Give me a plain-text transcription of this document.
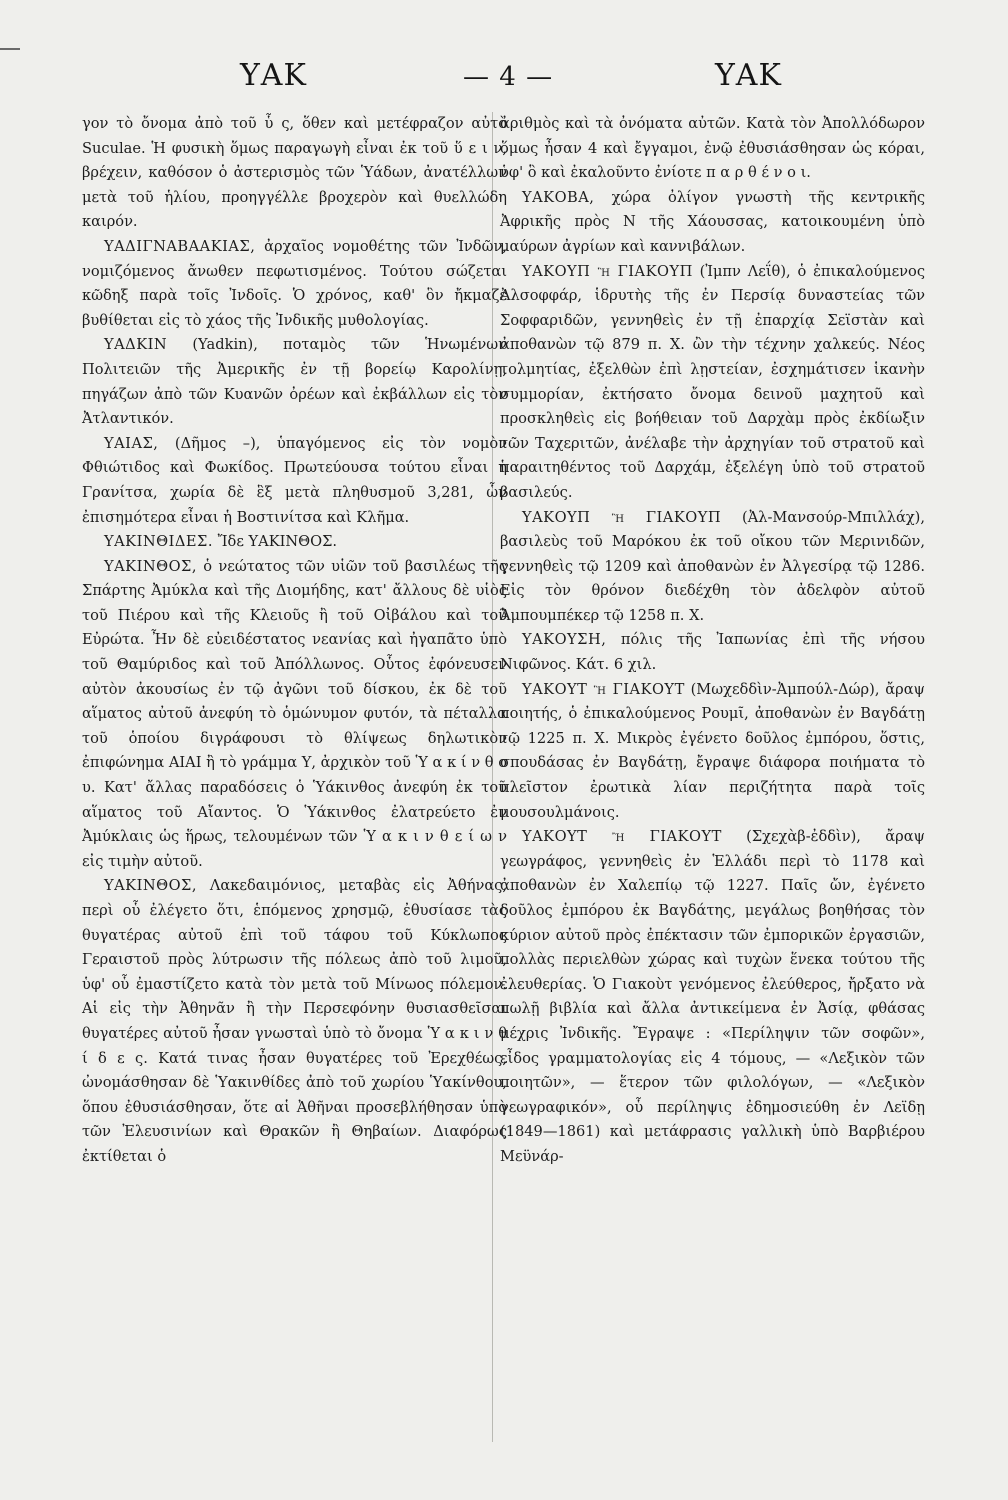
ΥΑΚ	— 4 —	ΥΑΚ

γον τὸ ὄνομα ἀπὸ τοῦ ὗ ς, ὅθεν καὶ μετέφραζον αὐτὸ Suculae. Ἡ φυσικὴ ὅμως παραγωγὴ εἶναι ἐκ τοῦ ὕ ε ι ν, βρέχειν, καθόσον ὁ ἀστερισμὸς τῶν Ὑάδων, ἀνατέλλων μετὰ τοῦ ἡλίου, προηγγέλλε βροχερὸν καὶ θυελλώδη καιρόν.

ΥΑΔΙΓΝΑΒΑΑΚΙΑΣ, ἀρχαῖος νομοθέτης τῶν Ἰνδῶν, νομιζόμενος ἄνωθεν πεφωτισμένος. Τούτου σώζεται κῶδηξ παρὰ τοῖς Ἰνδοῖς. Ὁ χρόνος, καθ' ὃν ἤκμαζε βυθίθεται εἰς τὸ χάος τῆς Ἰνδικῆς μυθολογίας.

ΥΑΔΚΙΝ (Yadkin), ποταμὸς τῶν Ἡνωμένων Πολιτειῶν τῆς Ἀμερικῆς ἐν τῇ βορείῳ Καρολίνῃ, πηγάζων ἀπὸ τῶν Κυανῶν ὀρέων καὶ ἐκβάλλων εἰς τὸν Ἀτλαντικόν.

ΥΑΙΑΣ, (Δῆμος –), ὑπαγόμενος εἰς τὸν νομὸν Φθιώτιδος καὶ Φωκίδος. Πρωτεύουσα τούτου εἶναι ἡ Γρανίτσα, χωρία δὲ ἓξ μετὰ πληθυσμοῦ 3,281, ὧν ἐπισημότερα εἶναι ἡ Βοστινίτσα καὶ Κλῆμα.

ΥΑΚΙΝΘΙΔΕΣ. Ἴδε ΥΑΚΙΝΘΟΣ.

ΥΑΚΙΝΘΟΣ, ὁ νεώτατος τῶν υἱῶν τοῦ βασιλέως τῆς Σπάρτης Ἀμύκλα καὶ τῆς Διομήδης, κατ' ἄλλους δὲ υἱὸς τοῦ Πιέρου καὶ τῆς Κλειοῦς ἢ τοῦ Οἰβάλου καὶ τοῦ Εὐρώτα. Ἦν δὲ εὐειδέστατος νεανίας καὶ ἠγαπᾶτο ὑπὸ τοῦ Θαμύριδος καὶ τοῦ Ἀπόλλωνος. Οὗτος ἐφόνευσεν αὐτὸν ἀκουσίως ἐν τῷ ἀγῶνι τοῦ δίσκου, ἐκ δὲ τοῦ αἵματος αὐτοῦ ἀνεφύη τὸ ὁμώνυμον φυτόν, τὰ πέταλλα τοῦ ὁποίου διγράφουσι τὸ θλίψεως δηλωτικὸν ἐπιφώνημα ΑΙΑΙ ἢ τὸ γράμμα Υ, ἀρχικὸν τοῦ Ὑ α κ ί ν θ ο υ. Κατ' ἄλλας παραδόσεις ὁ Ὑάκινθος ἀνεφύη ἐκ τοῦ αἵματος τοῦ Αἴαντος. Ὁ Ὑάκινθος ἐλατρεύετο ἐν Ἀμύκλαις ὡς ἥρως, τελουμένων τῶν Ὑ α κ ι ν θ ε ί ω ν εἰς τιμὴν αὐτοῦ.

ΥΑΚΙΝΘΟΣ, Λακεδαιμόνιος, μεταβὰς εἰς Ἀθήνας, περὶ οὗ ἐλέγετο ὅτι, ἑπόμενος χρησμῷ, ἐθυσίασε τὰς θυγατέρας αὐτοῦ ἐπὶ τοῦ τάφου τοῦ Κύκλωπος Γεραιστοῦ πρὸς λύτρωσιν τῆς πόλεως ἀπὸ τοῦ λιμοῦ, ὑφ' οὗ ἐμαστίζετο κατὰ τὸν μετὰ τοῦ Μίνωος πόλεμον. Αἱ εἰς τὴν Ἀθηνᾶν ἢ τὴν Περσεφόνην θυσιασθεῖσαι θυγατέρες αὐτοῦ ἦσαν γνωσταὶ ὑπὸ τὸ ὄνομα Ὑ α κ ι ν θ ί δ ε ς. Κατά τινας ἦσαν θυγατέρες τοῦ Ἐρεχθέως, ὠνομάσθησαν δὲ Ὑακινθίδες ἀπὸ τοῦ χωρίου Ὑακίνθου, ὅπου ἐθυσιάσθησαν, ὅτε αἱ Ἀθῆναι προσεβλήθησαν ὑπὸ τῶν Ἐλευσινίων καὶ Θρακῶν ἢ Θηβαίων. Διαφόρως ἐκτίθεται ὁ

ἀριθμὸς καὶ τὰ ὀνόματα αὐτῶν. Κατὰ τὸν Ἀπολλόδωρον ὅμως ἦσαν 4 καὶ ἔγγαμοι, ἐνῷ ἐθυσιάσθησαν ὡς κόραι, ὑφ' ὃ καὶ ἐκαλοῦντο ἐνίοτε π α ρ θ έ ν ο ι.

ΥΑΚΟΒΑ, χώρα ὀλίγον γνωστὴ τῆς κεντρικῆς Ἀφρικῆς πρὸς Ν τῆς Χάουσσας, κατοικουμένη ὑπὸ μαύρων ἀγρίων καὶ καννιβάλων.

ΥΑΚΟΥΠ ἢ ΓΙΑΚΟΥΠ (Ἰμπν Λεΐθ), ὁ ἐπικαλούμενος Ἀλσοφφάρ, ἱδρυτὴς τῆς ἐν Περσίᾳ δυναστείας τῶν Σοφφαριδῶν, γεννηθεὶς ἐν τῇ ἐπαρχίᾳ Σεϊστὰν καὶ ἀποθανὼν τῷ 879 π. Χ. ὢν τὴν τέχνην χαλκεύς. Νέος τολμητίας, ἐξελθὼν ἐπὶ λῃστείαν, ἐσχημάτισεν ἱκανὴν συμμορίαν, ἐκτήσατο ὄνομα δεινοῦ μαχητοῦ καὶ προσκληθεὶς εἰς βοήθειαν τοῦ Δαρχὰμ πρὸς ἐκδίωξιν τῶν Ταχεριτῶν, ἀνέλαβε τὴν ἀρχηγίαν τοῦ στρατοῦ καὶ παραιτηθέντος τοῦ Δαρχάμ, ἐξελέγη ὑπὸ τοῦ στρατοῦ βασιλεύς.

ΥΑΚΟΥΠ ἢ ΓΙΑΚΟΥΠ (Ἀλ-Μανσούρ-Μπιλλάχ), βασιλεὺς τοῦ Μαρόκου ἐκ τοῦ οἴκου τῶν Μερινιδῶν, γεννηθεὶς τῷ 1209 καὶ ἀποθανὼν ἐν Ἀλγεσίρᾳ τῷ 1286. Εἰς τὸν θρόνον διεδέχθη τὸν ἀδελφὸν αὐτοῦ Ἀμπουμπέκερ τῷ 1258 π. Χ.

ΥΑΚΟΥΣΗ, πόλις τῆς Ἰαπωνίας ἐπὶ τῆς νήσου Νιφῶνος. Κάτ. 6 χιλ.

ΥΑΚΟΥΤ ἢ ΓΙΑΚΟΥΤ (Μωχεδδὶν-Ἀμπούλ-Δώρ), ἄραψ ποιητής, ὁ ἐπικαλούμενος Ρουμῖ, ἀποθανὼν ἐν Βαγδάτῃ τῷ 1225 π. Χ. Μικρὸς ἐγένετο δοῦλος ἐμπόρου, ὅστις, σπουδάσας ἐν Βαγδάτῃ, ἔγραψε διάφορα ποιήματα τὸ πλεῖστον ἐρωτικὰ λίαν περιζήτητα παρὰ τοῖς μουσουλμάνοις.

ΥΑΚΟΥΤ ἢ ΓΙΑΚΟΥΤ (Σχεχὰβ-ἐδδὶν), ἄραψ γεωγράφος, γεννηθεὶς ἐν Ἑλλάδι περὶ τὸ 1178 καὶ ἀποθανὼν ἐν Χαλεπίῳ τῷ 1227. Παῖς ὤν, ἐγένετο δοῦλος ἐμπόρου ἐκ Βαγδάτης, μεγάλως βοηθήσας τὸν κύριον αὐτοῦ πρὸς ἐπέκτασιν τῶν ἐμπορικῶν ἐργασιῶν, πολλὰς περιελθὼν χώρας καὶ τυχὼν ἕνεκα τούτου τῆς ἐλευθερίας. Ὁ Γιακοὺτ γενόμενος ἐλεύθερος, ἤρξατο νὰ πωλῇ βιβλία καὶ ἄλλα ἀντικείμενα ἐν Ἀσίᾳ, φθάσας μέχρις Ἰνδικῆς. Ἔγραψε : «Περίληψιν τῶν σοφῶν», εἶδος γραμματολογίας εἰς 4 τόμους, — «Λεξικὸν τῶν ποιητῶν», — ἕτερον τῶν φιλολόγων, — «Λεξικὸν γεωγραφικόν», οὗ περίληψις ἐδημοσιεύθη ἐν Λεϊδῃ (1849—1861) καὶ μετάφρασις γαλλικὴ ὑπὸ Βαρβιέρου Μεϋνάρ-
